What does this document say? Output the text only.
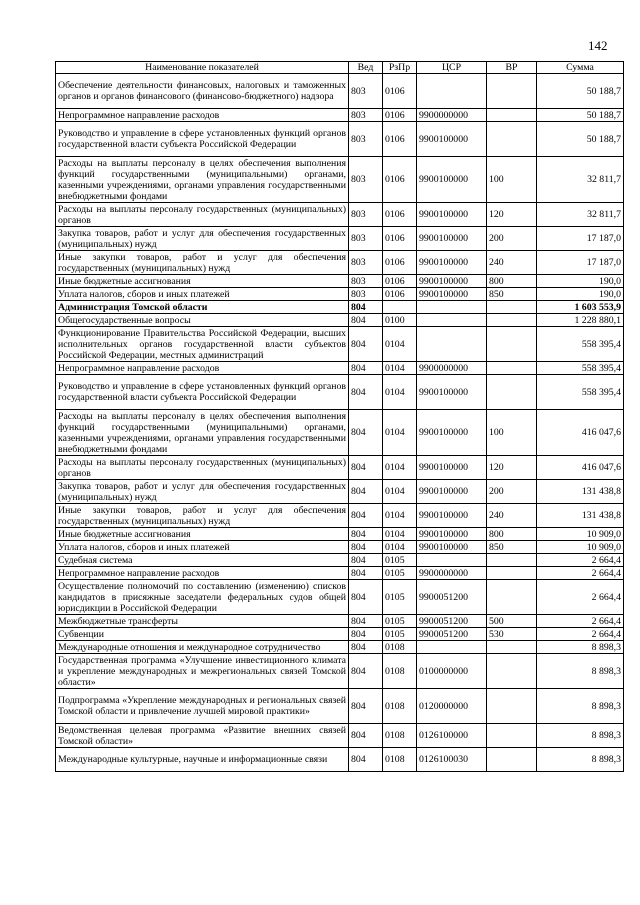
142
Наименование показателей	Вед	РзПр	ЦСР	ВР	Сумма
Обеспечение деятельности финансовых, налоговых и таможенных органов и органов финансового (финансово-бюджетного) надзора	803	0106			50 188,7
Непрограммное направление расходов	803	0106	9900000000		50 188,7
Руководство и управление в сфере установленных функций органов государственной власти субъекта Российской Федерации	803	0106	9900100000		50 188,7
Расходы на выплаты персоналу в целях обеспечения выполнения функций государственными (муниципальными) органами, казенными учреждениями, органами управления государственными внебюджетными фондами	803	0106	9900100000	100	32 811,7
Расходы на выплаты персоналу государственных (муниципальных) органов	803	0106	9900100000	120	32 811,7
Закупка товаров, работ и услуг для обеспечения государственных (муниципальных) нужд	803	0106	9900100000	200	17 187,0
Иные закупки товаров, работ и услуг для обеспечения государственных (муниципальных) нужд	803	0106	9900100000	240	17 187,0
Иные бюджетные ассигнования	803	0106	9900100000	800	190,0
Уплата налогов, сборов и иных платежей	803	0106	9900100000	850	190,0
Администрация Томской области	804				1 603 553,9
Общегосударственные вопросы	804	0100			1 228 880,1
Функционирование Правительства Российской Федерации, высших исполнительных органов государственной власти субъектов Российской Федерации, местных администраций	804	0104			558 395,4
Непрограммное направление расходов	804	0104	9900000000		558 395,4
Руководство и управление в сфере установленных функций органов государственной власти субъекта Российской Федерации	804	0104	9900100000		558 395,4
Расходы на выплаты персоналу в целях обеспечения выполнения функций государственными (муниципальными) органами, казенными учреждениями, органами управления государственными внебюджетными фондами	804	0104	9900100000	100	416 047,6
Расходы на выплаты персоналу государственных (муниципальных) органов	804	0104	9900100000	120	416 047,6
Закупка товаров, работ и услуг для обеспечения государственных (муниципальных) нужд	804	0104	9900100000	200	131 438,8
Иные закупки товаров, работ и услуг для обеспечения государственных (муниципальных) нужд	804	0104	9900100000	240	131 438,8
Иные бюджетные ассигнования	804	0104	9900100000	800	10 909,0
Уплата налогов, сборов и иных платежей	804	0104	9900100000	850	10 909,0
Судебная система	804	0105			2 664,4
Непрограммное направление расходов	804	0105	9900000000		2 664,4
Осуществление полномочий по составлению (изменению) списков кандидатов в присяжные заседатели федеральных судов общей юрисдикции в Российской Федерации	804	0105	9900051200		2 664,4
Межбюджетные трансферты	804	0105	9900051200	500	2 664,4
Субвенции	804	0105	9900051200	530	2 664,4
Международные отношения и международное сотрудничество	804	0108			8 898,3
Государственная программа «Улучшение инвестиционного климата и укрепление международных и межрегиональных связей Томской области»	804	0108	0100000000		8 898,3
Подпрограмма «Укрепление международных и региональных связей Томской области и привлечение лучшей мировой практики»	804	0108	0120000000		8 898,3
Ведомственная целевая программа «Развитие внешних связей Томской области»	804	0108	0126100000		8 898,3
Международные культурные, научные и информационные связи	804	0108	0126100030		8 898,3
